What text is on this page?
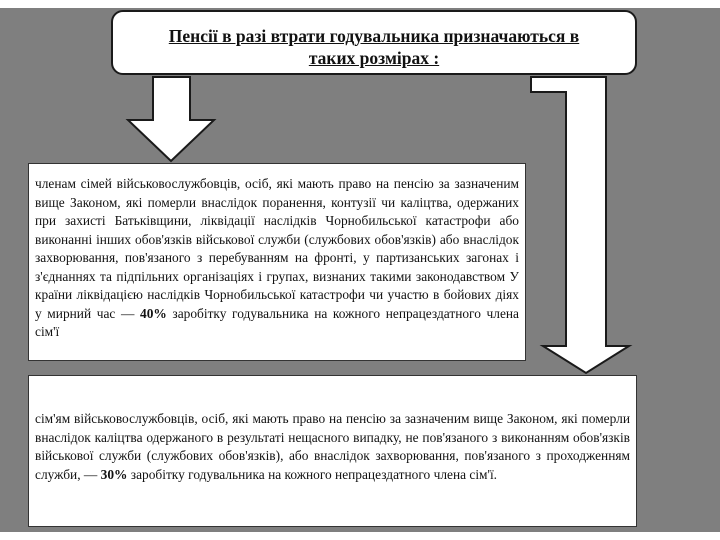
Пенсії в разі втрати годувальника призначаються в
таких розмірах :
членам сімей військовослужбовців, осіб, які мають право на пенсію за зазначеним вище Законом, які померли внаслідок поранення, контузії чи каліцтва, одержаних при захисті Батьківщини, ліквідації наслідків Чорнобильської катастрофи або виконанні інших обов'язків військової служби (службових обов'язків) або внаслідок захворювання, пов'язаного з перебуванням на фронті, у партизанських загонах і з'єднаннях та підпільних організаціях і групах, визнаних такими законодавством У країни ліквідацією наслідків Чорнобильської катастрофи чи участю в бойових діях у мирний час — 40% заробітку годувальника на кожного непрацездатного члена сім'ї
сім'ям військовослужбовців, осіб, які мають право на пенсію за зазначеним вище Законом, які померли внаслідок каліцтва одержаного в результаті нещасного випадку, не пов'язаного з виконанням обов'язків військової служби (службових обов'язків), або внаслідок захворювання, пов'язаного з проходженням служби, — 30% заробітку годувальника на кожного непрацездатного члена сім'ї.
